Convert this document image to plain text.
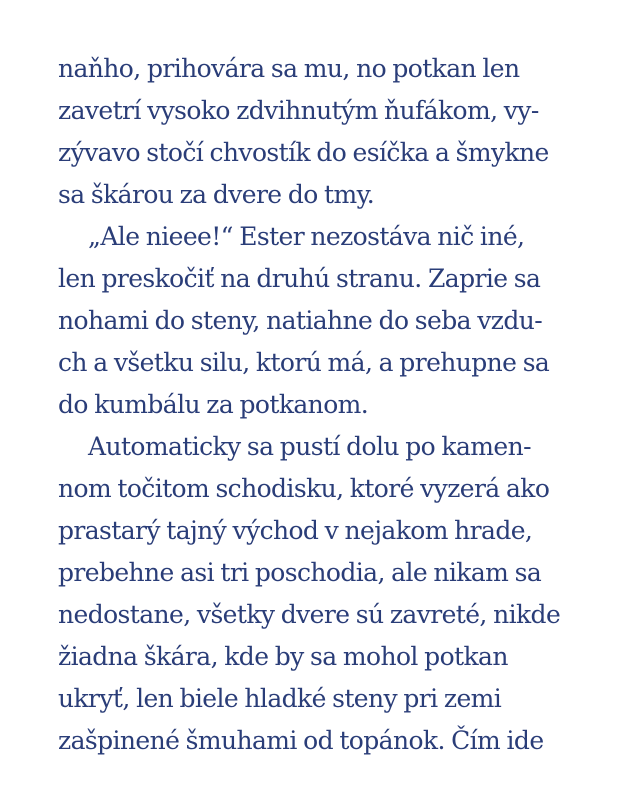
naňho, prihovára sa mu, no potkan len
zavetrí vysoko zdvihnutým ňufákom, vy-
zývavo stočí chvostík do esíčka a šmykne
sa škárou za dvere do tmy.
„Ale nieee!“ Ester nezostáva nič iné,
len preskočiť na druhú stranu. Zaprie sa
nohami do steny, natiahne do seba vzdu-
ch a všetku silu, ktorú má, a prehupne sa
do kumbálu za potkanom.
Automaticky sa pustí dolu po kamen-
nom točitom schodisku, ktoré vyzerá ako
prastarý tajný východ v nejakom hrade,
prebehne asi tri poschodia, ale nikam sa
nedostane, všetky dvere sú zavreté, nikde
žiadna škára, kde by sa mohol potkan
ukryť, len biele hladké steny pri zemi
zašpinené šmuhami od topánok. Čím ide
